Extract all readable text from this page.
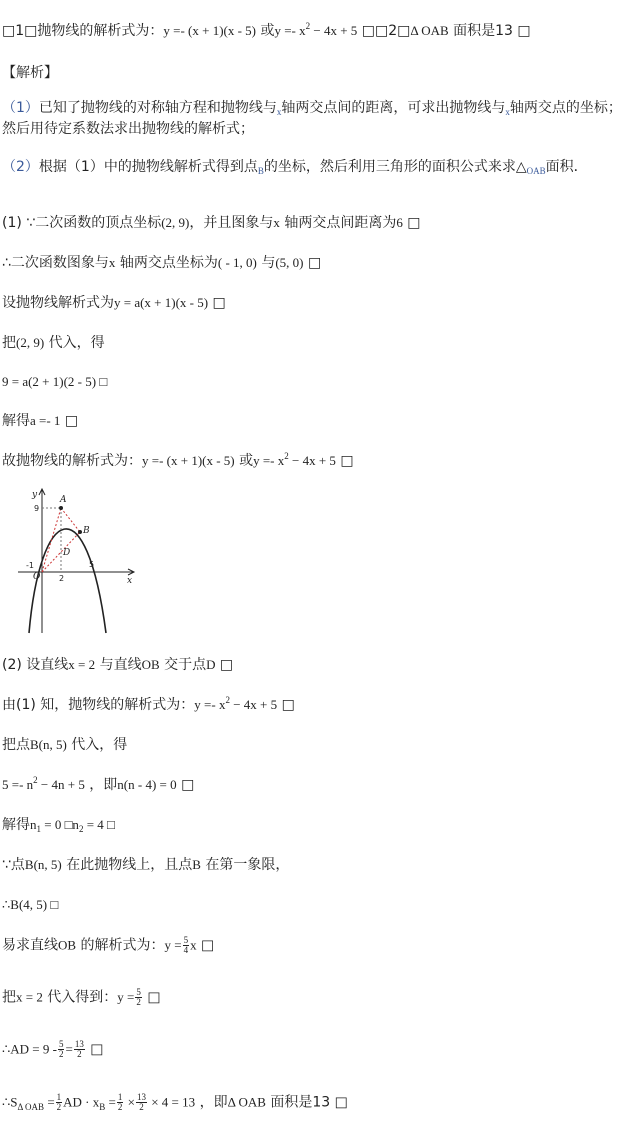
□1□抛物线的解析式为：y =- (x + 1)(x - 5) 或$y =- x^2 - 4x + 5$ □□2□Δ OAB 面积是13 □
【解析】
（1）已知了抛物线的对称轴方程和抛物线与$_x$轴两交点间的距离，可求出抛物线与$_x$轴两交点的坐标；然后用待定系数法求出抛物线的解析式；
（2）根据（1）中的抛物线解析式得到点$_B$的坐标，然后利用三角形的面积公式来求$\triangle_{OAB}$面积．
(1) ∵二次函数的顶点坐标(2, 9)，并且图象与x 轴两交点间距离为6 □
∴二次函数图象与x 轴两交点坐标为( - 1, 0) 与(5, 0) □
设抛物线解析式为y = a(x + 1)(x - 5) □
把(2, 9) 代入，得
9 = a(2 + 1)(2 - 5) □
解得a =- 1 □
故抛物线的解析式为：y =- (x + 1)(x - 5) 或$y =- x^2 - 4x + 5$ □
y
x
A
B
D
O
9
-1
2
5
(2) 设直线x = 2 与直线OB 交于点D □
由(1) 知，抛物线的解析式为：$y =- x^2 - 4x + 5$ □
把点B(n, 5) 代入，得
$5 =- n^2 - 4n + 5$ ，即n(n - 4) = 0 □
解得$n_1 = 0$ $□n_2 = 4$ □
∵点B(n, 5) 在此抛物线上，且点B 在第一象限，
∴B(4, 5) □
易求直线OB 的解析式为：$y = \frac{5}{4}$ x □
把x = 2 代入得到：$y = \frac{5}{2}$ □
∴AD = $9 - \frac{5}{2} = \frac{13}{2}$ □
$\therefore S_{\Delta OAB} = \frac{1}{2}$ AD · $x_B = \frac{1}{2} \times \frac{13}{2} \times 4 = 13$ ，即Δ OAB 面积是13 □
